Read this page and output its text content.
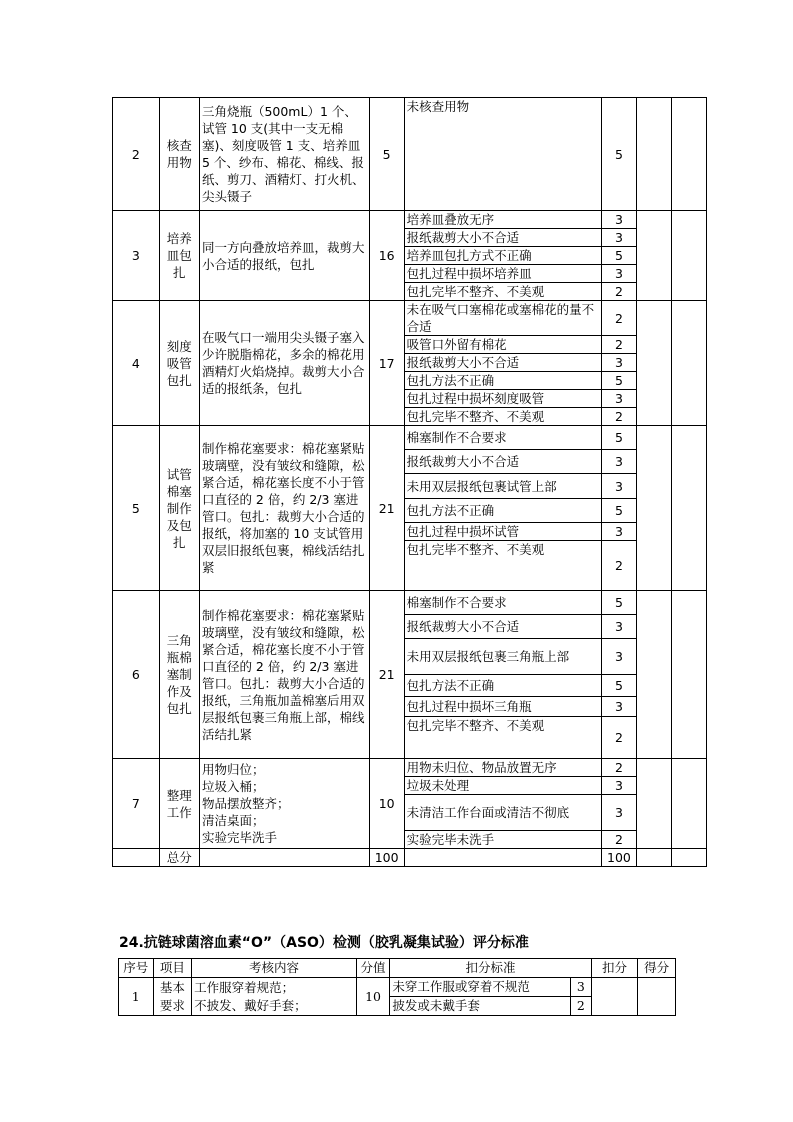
2	核查用物	三角烧瓶（500mL）1 个、试管 10 支(其中一支无棉塞)、刻度吸管 1 支、培养皿 5 个、纱布、棉花、棉线、报纸、剪刀、酒精灯、打火机、尖头镊子	5	未核查用物	5		
3	培养皿包扎	同一方向叠放培养皿，裁剪大小合适的报纸，包扎	16	培养皿叠放无序	3		
				报纸裁剪大小不合适	3		
				培养皿包扎方式不正确	5		
				包扎过程中损坏培养皿	3		
				包扎完毕不整齐、不美观	2		
4	刻度吸管包扎	在吸气口一端用尖头镊子塞入少许脱脂棉花，多余的棉花用酒精灯火焰烧掉。裁剪大小合适的报纸条，包扎	17	未在吸气口塞棉花或塞棉花的量不合适	2		
				吸管口外留有棉花	2		
				报纸裁剪大小不合适	3		
				包扎方法不正确	5		
				包扎过程中损坏刻度吸管	3		
				包扎完毕不整齐、不美观	2		
5	试管棉塞制作及包扎	制作棉花塞要求：棉花塞紧贴玻璃壁，没有皱纹和缝隙，松紧合适，棉花塞长度不小于管口直径的 2 倍，约 2/3 塞进管口。包扎：裁剪大小合适的报纸，将加塞的 10 支试管用双层旧报纸包裹，棉线活结扎紧	21	棉塞制作不合要求	5		
				报纸裁剪大小不合适	3		
				未用双层报纸包裹试管上部	3		
				包扎方法不正确	5		
				包扎过程中损坏试管	3		
				包扎完毕不整齐、不美观	2		
6	三角瓶棉塞制作及包扎	制作棉花塞要求：棉花塞紧贴玻璃壁，没有皱纹和缝隙，松紧合适，棉花塞长度不小于管口直径的 2 倍，约 2/3 塞进管口。包扎：裁剪大小合适的报纸，三角瓶加盖棉塞后用双层报纸包裹三角瓶上部，棉线活结扎紧	21	棉塞制作不合要求	5		
				报纸裁剪大小不合适	3		
				未用双层报纸包裹三角瓶上部	3		
				包扎方法不正确	5		
				包扎过程中损坏三角瓶	3		
				包扎完毕不整齐、不美观	2		
7	整理工作	用物归位；
垃圾入桶；
物品摆放整齐；
清洁桌面；
实验完毕洗手	10	用物未归位、物品放置无序	2		
				垃圾未处理	3		
				未清洁工作台面或清洁不彻底	3		
				实验完毕未洗手	2		
	总分		100		100		
24.抗链球菌溶血素“O”（ASO）检测（胶乳凝集试验）评分标准
序号	项目	考核内容	分值	扣分标准		扣分	得分
1	基本要求	工作服穿着规范；
不披发、戴好手套；	10	未穿工作服或穿着不规范	3		
				披发或未戴手套	2		
